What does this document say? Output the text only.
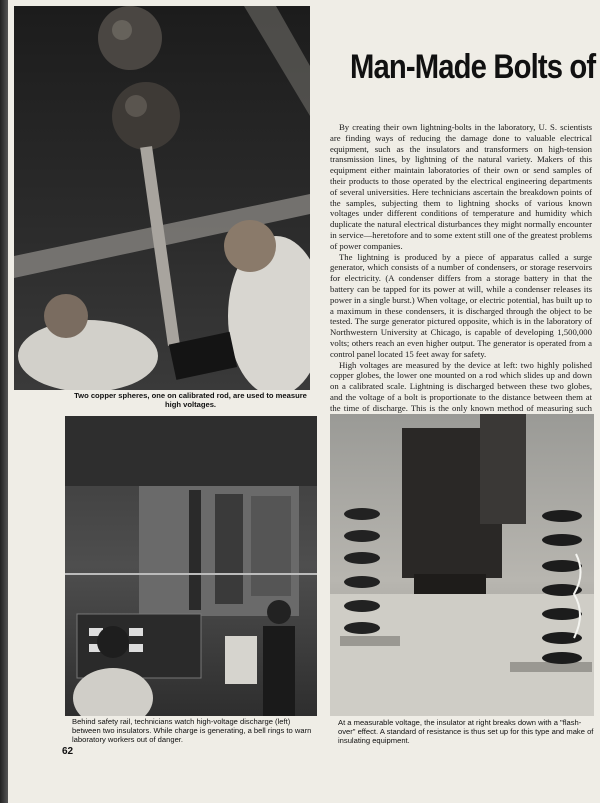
Two copper spheres, one on calibrated rod, are used to measure high voltages.
Man-Made Bolts of

By creating their own lightning-bolts in the laboratory, U. S. scientists are finding ways of reducing the damage done to valuable electrical equipment, such as the insulators and transformers on high-tension transmission lines, by lightning of the natural variety. Makers of this equipment either maintain laboratories of their own or send samples of their products to those operated by the electrical engineering departments of several universities. Here technicians ascertain the breakdown points of the samples, subjecting them to lightning shocks of various known voltages under different conditions of temperature and humidity which duplicate the natural electrical disturbances they might normally encounter in service—heretofore and to some extent still one of the greatest problems of power companies.

The lightning is produced by a piece of apparatus called a surge generator, which consists of a number of condensers, or storage reservoirs for electricity. (A condenser differs from a storage battery in that the battery can be tapped for its power at will, while a condenser releases its power in a single burst.) When voltage, or electric potential, has built up to a maximum in these condensers, it is discharged through the object to be tested. The surge generator pictured opposite, which is in the laboratory of Northwestern University at Chicago, is capable of developing 1,500,000 volts; others reach an even higher output. The generator is operated from a control panel located 15 feet away for safety.

High voltages are measured by the device at left: two highly polished copper globes, the lower one mounted on a rod which slides up and down on a calibrated scale. Lightning is discharged between these two globes, and the voltage of a bolt is proportionate to the distance between them at the time of discharge. This is the only known method of measuring such

Behind safety rail, technicians watch high-voltage discharge (left) between two insulators. While charge is generating, a bell rings to warn laboratory workers out of danger.
At a measurable voltage, the insulator at right breaks down with a "flash-over" effect. A standard of resistance is thus set up for this type and make of insulating equipment.
62
